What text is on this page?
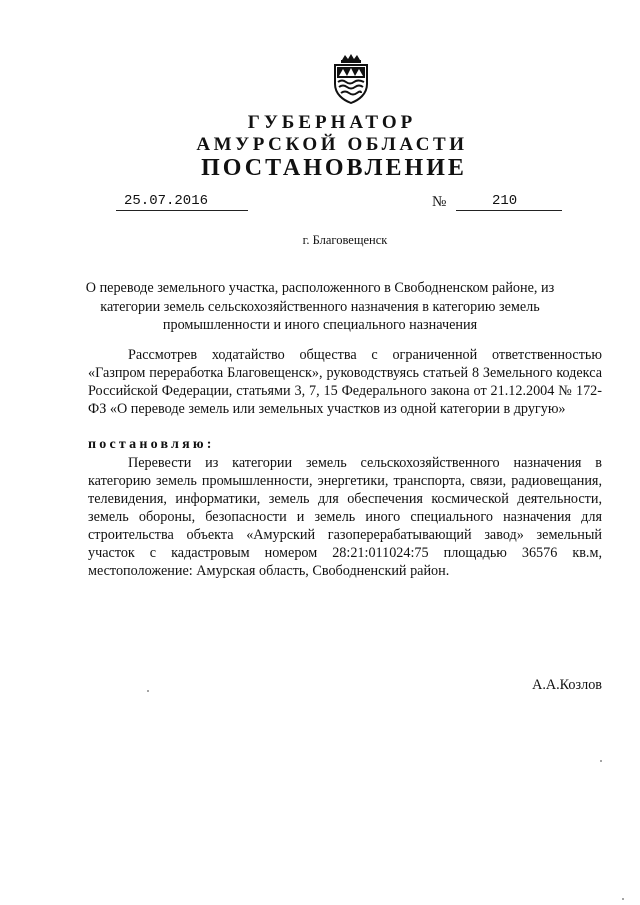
ГУБЕРНАТОР
АМУРСКОЙ ОБЛАСТИ
ПОСТАНОВЛЕНИЕ
25.07.2016	№	210
г. Благовещенск
О переводе земельного участка, расположенного в Свободненском районе, из категории земель сельскохозяйственного назначения в категорию земель промышленности и иного специального назначения
Рассмотрев ходатайство общества с ограниченной ответственностью «Газпром переработка Благовещенск», руководствуясь статьей 8 Земельного кодекса Российской Федерации, статьями 3, 7, 15 Федерального закона от 21.12.2004 № 172-ФЗ «О переводе земель или земельных участков из одной категории в другую»
постановляю:
Перевести из категории земель сельскохозяйственного назначения в категорию земель промышленности, энергетики, транспорта, связи, радиовещания, телевидения, информатики, земель для обеспечения космической деятельности, земель обороны, безопасности и земель иного специального назначения для строительства объекта «Амурский газоперерабатывающий завод» земельный участок с кадастровым номером 28:21:011024:75 площадью 36576 кв.м, местоположение: Амурская область, Свободненский район.
А.А.Козлов
